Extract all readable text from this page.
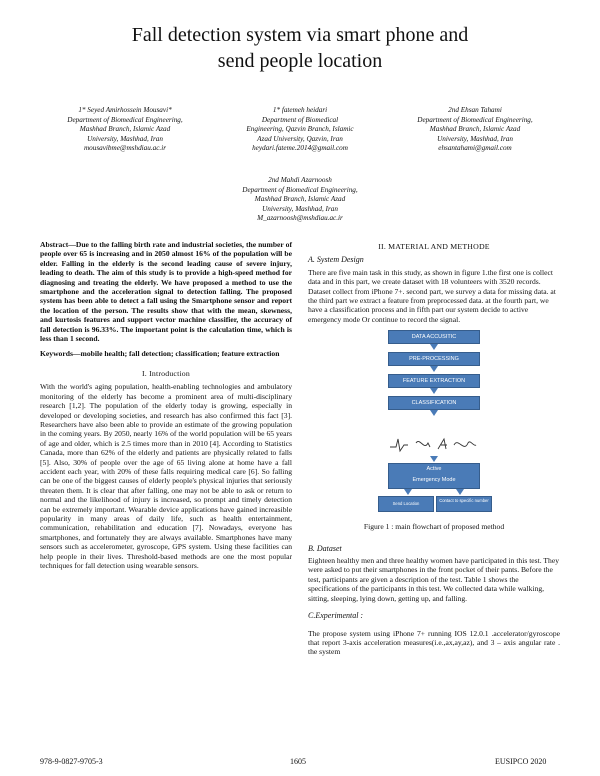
Fall detection system via smart phone and
send people location
1* Seyed Amirhossein Mousavi*
Department of Biomedical Engineering,
Mashhad Branch, Islamic Azad
University, Mashhad, Iran
mousavibme@mshdiau.ac.ir
1* fatemeh heidari
Department of Biomedical
Engineering, Qazvin Branch, Islamic
Azad University, Qazvin, Iran
heydari.fateme.2014@gmail.com
2nd Ehsan Tahami
Department of Biomedical Engineering,
Mashhad Branch, Islamic Azad
University, Mashhad, Iran
ehsantahami@gmail.com
2nd Mahdi Azarnoosh
Department of Biomedical Engineering,
Mashhad Branch, Islamic Azad
University, Mashhad, Iran
M_azarnoosh@mshdiau.ac.ir

Abstract—Due to the falling birth rate and industrial societies, the number of people over 65 is increasing and in 2050 almost 16% of the population will be elder. Falling in the elderly is the second leading cause of severe injury, leading to death. The aim of this study is to provide a high-speed method for diagnosing and treating the elderly. We have proposed a method to use the smartphone and the acceleration signal to detection falling. The proposed system has been able to detect a fall using the Smartphone sensor and report the location of the person. The results show that with the mean, skewness, and kurtosis features and support vector machine classifier, the accuracy of fall detection is 96.33%. The important point is the calculation time, which is less than 1 second.

Keywords—mobile health; fall detection; classification; feature extraction

I. Introduction

With the world's aging population, health-enabling technologies and ambulatory monitoring of the elderly has become a prominent area of multi-disciplinary research [1,2]. The population of the elderly today is growing, especially in developed or developing societies, and research has also confirmed this fact [3]. Researchers have also been able to provide an estimate of the growing population in the coming years. By 2050, nearly 16% of the world population will be 65 years of age and older, which is 2.5 times more than in 2010 [4]. According to Statistics Canada, more than 62% of the elderly and patients are physically related to falls [5]. Also, 30% of people over the age of 65 living alone at home have a fall accident each year, with 20% of these falls requiring medical care [6]. So falling can be one of the biggest causes of elderly people's physical injuries that seriously threaten them. It is clear that after falling, one may not be able to ask or return to normal and the likelihood of injury is increased, so prompt and timely detection can be extremely important. Wearable device applications have gained increasible popularity in many areas of daily life, such as health entertainment, communication, rehabilitation and education [7]. Nowadays, everyone has smartphones, and fortunately they are always available. Smartphones have many sensors such as accelerometer, gyroscope, GPS system. Using these facilities can help people in their lives. Threshold-based methods are one the most popular techniques for fall detection using wearable sensors.

II. MATERIAL AND METHODE
A. System Design

There are five main task in this study, as shown in figure 1.the first one is collect data and in this part, we create dataset with 18 volunteers with 3520 records. Dataset collect from iPhone 7+. second part, we survey a data for missing data. at the third part we extract a feature from preprocessed data. at the fourth part, we have a classification process and in fifth part our system decide to active emergency mode Or continue to record the signal.

DATA ACCUSITIC
PRE-PROCESSING
FEATURE EXTRACTION
CLASSIFICATION
Active
Emergency Mode
Send Location
Contact to specific number
Figure 1 : main flowchart of proposed method
B. Dataset

Eighteen healthy men and three healthy women have participated in this test. They were asked to put their smartphones in the front pocket of their pants. Before the test, participants are given a description of the test. Table 1 shows the specifications of the participants in this test. We collected data while walking, sitting, sleeping, lying down, getting up, and falling.

C.Experimental :

The propose system using iPhone 7+ running IOS 12.0.1 .accelerator/gyroscope that report 3-axis acceleration measures(i.e.,ax,ay,az), and 3 – axis angular rate . the system

978-9-0827-9705-3	1605	EUSIPCO 2020
